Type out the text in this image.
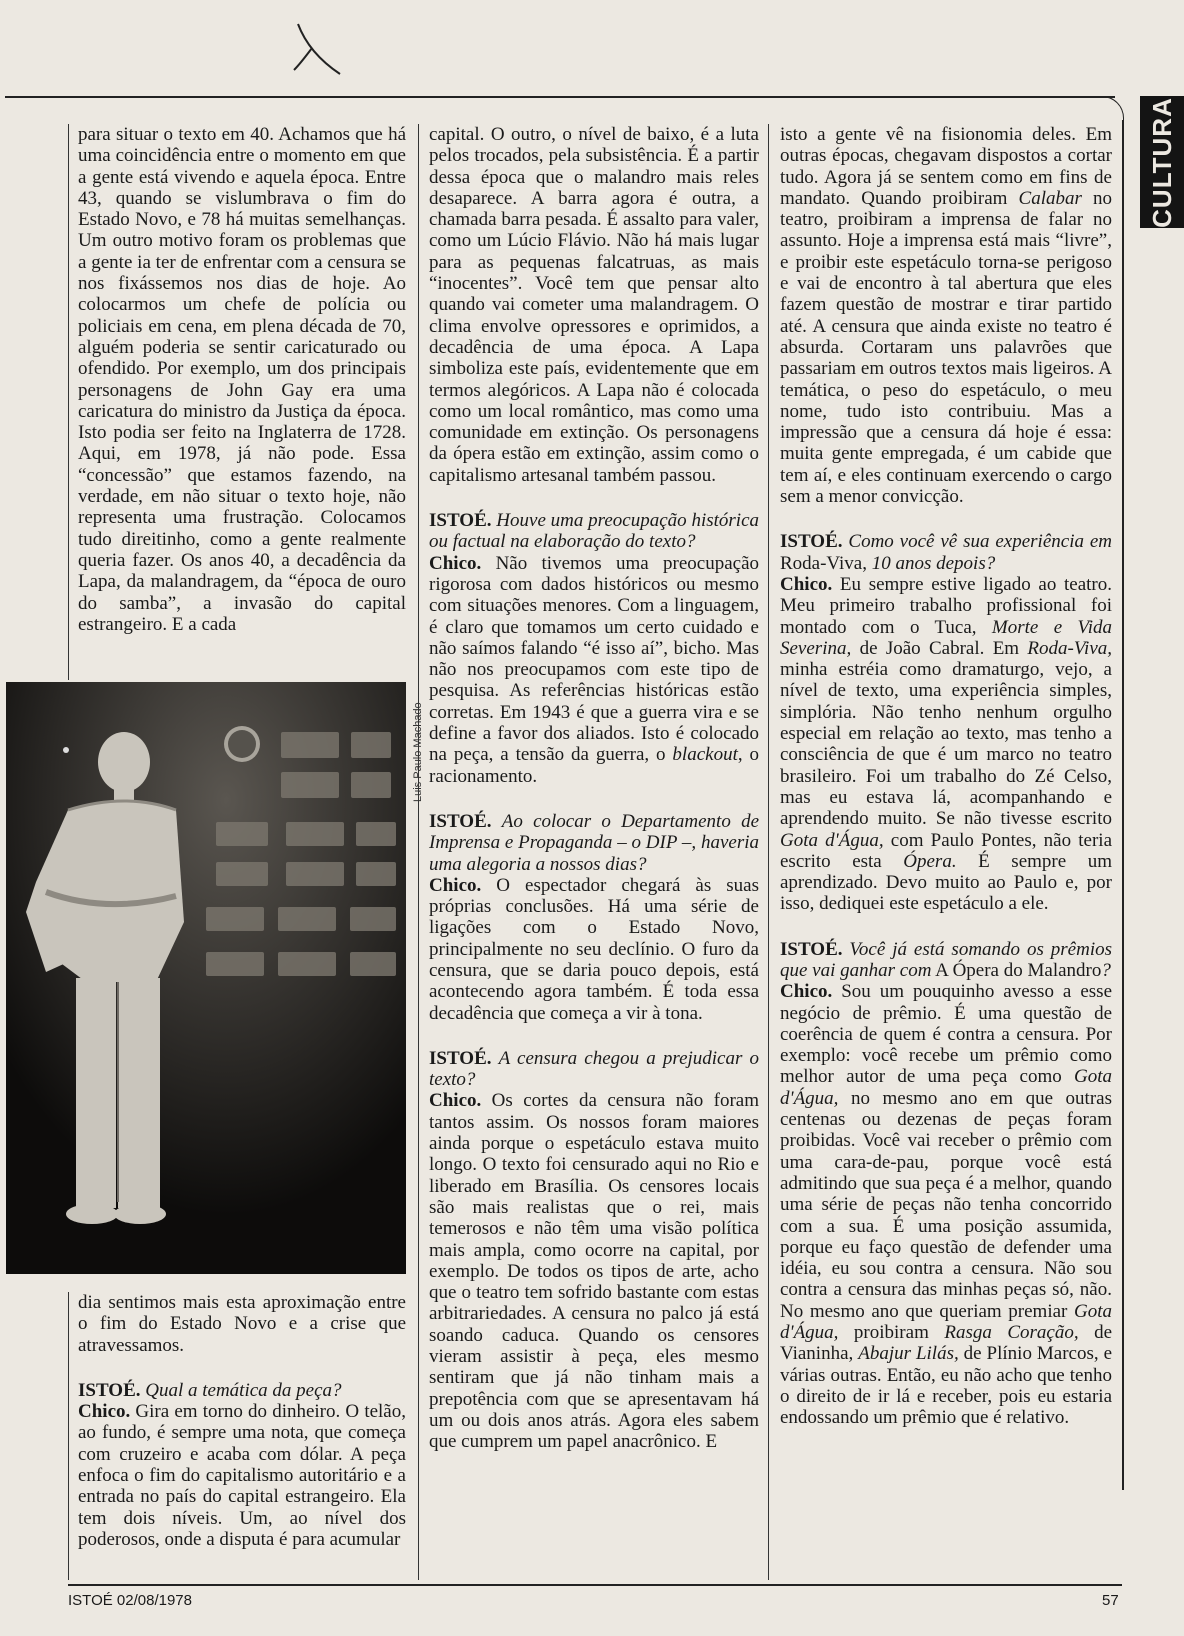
CULTURA

para situar o texto em 40. Achamos que há uma coincidência entre o momento em que a gente está vivendo e aquela época. Entre 43, quando se vislumbrava o fim do Estado Novo, e 78 há muitas semelhanças. Um outro motivo foram os problemas que a gente ia ter de enfrentar com a censura se nos fixássemos nos dias de hoje. Ao colocarmos um chefe de polícia ou policiais em cena, em plena década de 70, alguém poderia se sentir caricaturado ou ofendido. Por exemplo, um dos principais personagens de John Gay era uma caricatura do ministro da Justiça da época. Isto podia ser feito na Inglaterra de 1728. Aqui, em 1978, já não pode. Essa “concessão” que estamos fazendo, na verdade, em não situar o texto hoje, não representa uma frustração. Colocamos tudo direitinho, como a gente realmente queria fazer. Os anos 40, a decadência da Lapa, da malandragem, da “época de ouro do samba”, a invasão do capital estrangeiro. E a cada

Luis Paulo Machado

dia sentimos mais esta aproximação entre o fim do Estado Novo e a crise que atravessamos.

ISTOÉ. Qual a temática da peça?

Chico. Gira em torno do dinheiro. O telão, ao fundo, é sempre uma nota, que começa com cruzeiro e acaba com dólar. A peça enfoca o fim do capitalismo autoritário e a entrada no país do capital estrangeiro. Ela tem dois níveis. Um, ao nível dos poderosos, onde a disputa é para acumular

capital. O outro, o nível de baixo, é a luta pelos trocados, pela subsistência. É a partir dessa época que o malandro mais reles desaparece. A barra agora é outra, a chamada barra pesada. É assalto para valer, como um Lúcio Flávio. Não há mais lugar para as pequenas falcatruas, as mais “inocentes”. Você tem que pensar alto quando vai cometer uma malandragem. O clima envolve opressores e oprimidos, a decadência de uma época. A Lapa simboliza este país, evidentemente que em termos alegóricos. A Lapa não é colocada como um local romântico, mas como uma comunidade em extinção. Os personagens da ópera estão em extinção, assim como o capitalismo artesanal também passou.

ISTOÉ. Houve uma preocupação histórica ou factual na elaboração do texto?

Chico. Não tivemos uma preocupação rigorosa com dados históricos ou mesmo com situações menores. Com a linguagem, é claro que tomamos um certo cuidado e não saímos falando “é isso aí”, bicho. Mas não nos preocupamos com este tipo de pesquisa. As referências históricas estão corretas. Em 1943 é que a guerra vira e se define a favor dos aliados. Isto é colocado na peça, a tensão da guerra, o blackout, o racionamento.

ISTOÉ. Ao colocar o Departamento de Imprensa e Propaganda – o DIP –, haveria uma alegoria a nossos dias?

Chico. O espectador chegará às suas próprias conclusões. Há uma série de ligações com o Estado Novo, principalmente no seu declínio. O furo da censura, que se daria pouco depois, está acontecendo agora também. É toda essa decadência que começa a vir à tona.

ISTOÉ. A censura chegou a prejudicar o texto?

Chico. Os cortes da censura não foram tantos assim. Os nossos foram maiores ainda porque o espetáculo estava muito longo. O texto foi censurado aqui no Rio e liberado em Brasília. Os censores locais são mais realistas que o rei, mais temerosos e não têm uma visão política mais ampla, como ocorre na capital, por exemplo. De todos os tipos de arte, acho que o teatro tem sofrido bastante com estas arbitrariedades. A censura no palco já está soando caduca. Quando os censores vieram assistir à peça, eles mesmo sentiram que já não tinham mais a prepotência com que se apresentavam há um ou dois anos atrás. Agora eles sabem que cumprem um papel anacrônico. E

isto a gente vê na fisionomia deles. Em outras épocas, chegavam dispostos a cortar tudo. Agora já se sentem como em fins de mandato. Quando proibiram Calabar no teatro, proibiram a imprensa de falar no assunto. Hoje a imprensa está mais “livre”, e proibir este espetáculo torna-se perigoso e vai de encontro à tal abertura que eles fazem questão de mostrar e tirar partido até. A censura que ainda existe no teatro é absurda. Cortaram uns palavrões que passariam em outros textos mais ligeiros. A temática, o peso do espetáculo, o meu nome, tudo isto contribuiu. Mas a impressão que a censura dá hoje é essa: muita gente empregada, é um cabide que tem aí, e eles continuam exercendo o cargo sem a menor convicção.

ISTOÉ. Como você vê sua experiência em Roda-Viva, 10 anos depois?

Chico. Eu sempre estive ligado ao teatro. Meu primeiro trabalho profissional foi montado com o Tuca, Morte e Vida Severina, de João Cabral. Em Roda-Viva, minha estréia como dramaturgo, vejo, a nível de texto, uma experiência simples, simplória. Não tenho nenhum orgulho especial em relação ao texto, mas tenho a consciência de que é um marco no teatro brasileiro. Foi um trabalho do Zé Celso, mas eu estava lá, acompanhando e aprendendo muito. Se não tivesse escrito Gota d'Água, com Paulo Pontes, não teria escrito esta Ópera. É sempre um aprendizado. Devo muito ao Paulo e, por isso, dediquei este espetáculo a ele.

ISTOÉ. Você já está somando os prêmios que vai ganhar com A Ópera do Malandro?

Chico. Sou um pouquinho avesso a esse negócio de prêmio. É uma questão de coerência de quem é contra a censura. Por exemplo: você recebe um prêmio como melhor autor de uma peça como Gota d'Água, no mesmo ano em que outras centenas ou dezenas de peças foram proibidas. Você vai receber o prêmio com uma cara-de-pau, porque você está admitindo que sua peça é a melhor, quando uma série de peças não tenha concorrido com a sua. É uma posição assumida, porque eu faço questão de defender uma idéia, eu sou contra a censura. Não sou contra a censura das minhas peças só, não. No mesmo ano que queriam premiar Gota d'Água, proibiram Rasga Coração, de Vianinha, Abajur Lilás, de Plínio Marcos, e várias outras. Então, eu não acho que tenho o direito de ir lá e receber, pois eu estaria endossando um prêmio que é relativo.

ISTOÉ 02/08/1978	57
